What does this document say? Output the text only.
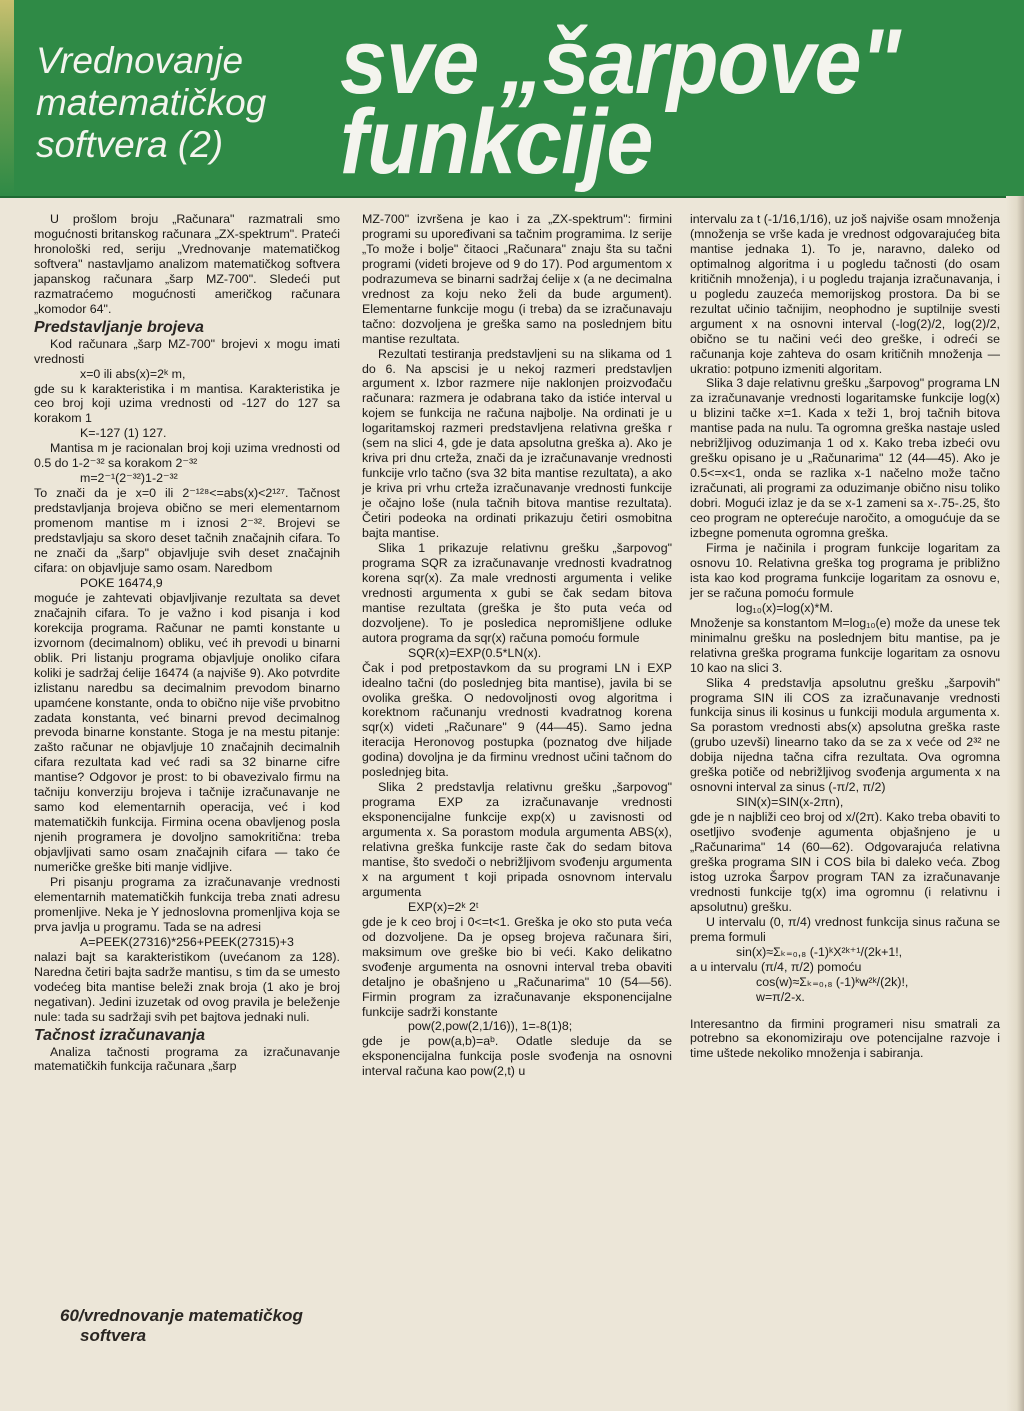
Vrednovanje
matematičkog
softvera (2)
sve „šarpove"
funkcije

U prošlom broju „Računara" razmatrali smo mogućnosti britanskog računara „ZX-spektrum". Prateći hronološki red, seriju „Vrednovanje matematičkog softvera" nastavljamo analizom matematičkog softvera japanskog računara „šarp MZ-700". Sledeći put razmatraćemo mogućnosti američkog računara „komodor 64".

Predstavljanje brojeva

Kod računara „šarp MZ-700" brojevi x mogu imati vrednosti

x=0 ili abs(x)=2ᵏ m,

gde su k karakteristika i m mantisa. Karakteristika je ceo broj koji uzima vrednosti od -127 do 127 sa korakom 1

K=-127 (1) 127.

Mantisa m je racionalan broj koji uzima vrednosti od 0.5 do 1-2⁻³² sa korakom 2⁻³²

m=2⁻¹(2⁻³²)1-2⁻³²

To znači da je x=0 ili 2⁻¹²⁸<=abs(x)<2¹²⁷. Tačnost predstavljanja brojeva obično se meri elementarnom promenom mantise m i iznosi 2⁻³². Brojevi se predstavljaju sa skoro deset tačnih značajnih cifara. To ne znači da „šarp" objavljuje svih deset značajnih cifara: on objavljuje samo osam. Naredbom

POKE 16474,9

moguće je zahtevati objavljivanje rezultata sa devet značajnih cifara. To je važno i kod pisanja i kod korekcija programa. Računar ne pamti konstante u izvornom (decimalnom) obliku, već ih prevodi u binarni oblik. Pri listanju programa objavljuje onoliko cifara koliki je sadržaj ćelije 16474 (a najviše 9). Ako potvrdite izlistanu naredbu sa decimalnim prevodom binarno upamćene konstante, onda to obično nije više prvobitno zadata konstanta, već binarni prevod decimalnog prevoda binarne konstante. Stoga je na mestu pitanje: zašto računar ne objavljuje 10 značajnih decimalnih cifara rezultata kad već radi sa 32 binarne cifre mantise? Odgovor je prost: to bi obavezivalo firmu na tačniju konverziju brojeva i tačnije izračunavanje ne samo kod elementarnih operacija, već i kod matematičkih funkcija. Firmina ocena obavljenog posla njenih programera je dovoljno samokritična: treba objavljivati samo osam značajnih cifara — tako će numeričke greške biti manje vidljive.

Pri pisanju programa za izračunavanje vrednosti elementarnih matematičkih funkcija treba znati adresu promenljive. Neka je Y jednoslovna promenljiva koja se prva javlja u programu. Tada se na adresi

A=PEEK(27316)*256+PEEK(27315)+3

nalazi bajt sa karakteristikom (uvećanom za 128). Naredna četiri bajta sadrže mantisu, s tim da se umesto vodećeg bita mantise beleži znak broja (1 ako je broj negativan). Jedini izuzetak od ovog pravila je beleženje nule: tada su sadržaji svih pet bajtova jednaki nuli.

Tačnost izračunavanja

Analiza tačnosti programa za izračunavanje matematičkih funkcija računara „šarp

MZ-700" izvršena je kao i za „ZX-spektrum": firmini programi su upoređivani sa tačnim programima. Iz serije „To može i bolje" čitaoci „Računara" znaju šta su tačni programi (videti brojeve od 9 do 17). Pod argumentom x podrazumeva se binarni sadržaj ćelije x (a ne decimalna vrednost za koju neko želi da bude argument). Elementarne funkcije mogu (i treba) da se izračunavaju tačno: dozvoljena je greška samo na poslednjem bitu mantise rezultata.

Rezultati testiranja predstavljeni su na slikama od 1 do 6. Na apscisi je u nekoj razmeri predstavljen argument x. Izbor razmere nije naklonjen proizvođaču računara: razmera je odabrana tako da istiće interval u kojem se funkcija ne računa najbolje. Na ordinati je u logaritamskoj razmeri predstavljena relativna greška r (sem na slici 4, gde je data apsolutna greška a). Ako je kriva pri dnu crteža, znači da je izračunavanje vrednosti funkcije vrlo tačno (sva 32 bita mantise rezultata), a ako je kriva pri vrhu crteža izračunavanje vrednosti funkcije je očajno loše (nula tačnih bitova mantise rezultata). Četiri podeoka na ordinati prikazuju četiri osmobitna bajta mantise.

Slika 1 prikazuje relativnu grešku „šarpovog" programa SQR za izračunavanje vrednosti kvadratnog korena sqr(x). Za male vrednosti argumenta i velike vrednosti argumenta x gubi se čak sedam bitova mantise rezultata (greška je što puta veća od dozvoljene). To je posledica nepromišljene odluke autora programa da sqr(x) računa pomoću formule

SQR(x)=EXP(0.5*LN(x).

Čak i pod pretpostavkom da su programi LN i EXP idealno tačni (do poslednjeg bita mantise), javila bi se ovolika greška. O nedovoljnosti ovog algoritma i korektnom računanju vrednosti kvadratnog korena sqr(x) videti „Računare" 9 (44—45). Samo jedna iteracija Heronovog postupka (poznatog dve hiljade godina) dovoljna je da firminu vrednost učini tačnom do poslednjeg bita.

Slika 2 predstavlja relativnu grešku „šarpovog" programa EXP za izračunavanje vrednosti eksponencijalne funkcije exp(x) u zavisnosti od argumenta x. Sa porastom modula argumenta ABS(x), relativna greška funkcije raste čak do sedam bitova mantise, što svedoči o nebrižljivom svođenju argumenta x na argument t koji pripada osnovnom intervalu argumenta

EXP(x)=2ᵏ 2ᵗ

gde je k ceo broj i 0<=t<1. Greška je oko sto puta veća od dozvoljene. Da je opseg brojeva računara širi, maksimum ove greške bio bi veći. Kako delikatno svođenje argumenta na osnovni interval treba obaviti detaljno je obašnjeno u „Računarima" 10 (54—56). Firmin program za izračunavanje eksponencijalne funkcije sadrži konstante

pow(2,pow(2,1/16)), 1=-8(1)8;

gde je pow(a,b)=aᵇ. Odatle sleduje da se eksponencijalna funkcija posle svođenja na osnovni interval računa kao pow(2,t) u

intervalu za t (-1/16,1/16), uz još najviše osam množenja (množenja se vrše kada je vrednost odgovarajućeg bita mantise jednaka 1). To je, naravno, daleko od optimalnog algoritma i u pogledu tačnosti (do osam kritičnih množenja), i u pogledu trajanja izračunavanja, i u pogledu zauzeća memorijskog prostora. Da bi se rezultat učinio tačnijim, neophodno je suptilnije svesti argument x na osnovni interval (-log(2)/2, log(2)/2, obično se tu načini veći deo greške, i odreći se računanja koje zahteva do osam kritičnih množenja — ukratio: potpuno izmeniti algoritam.

Slika 3 daje relativnu grešku „šarpovog" programa LN za izračunavanje vrednosti logaritamske funkcije log(x) u blizini tačke x=1. Kada x teži 1, broj tačnih bitova mantise pada na nulu. Ta ogromna greška nastaje usled nebrižljivog oduzimanja 1 od x. Kako treba izbeći ovu grešku opisano je u „Računarima" 12 (44—45). Ako je 0.5<=x<1, onda se razlika x-1 načelno može tačno izračunati, ali programi za oduzimanje obično nisu toliko dobri. Mogući izlaz je da se x-1 zameni sa x-.75-.25, što ceo program ne opterećuje naročito, a omogućuje da se izbegne pomenuta ogromna greška.

Firma je načinila i program funkcije logaritam za osnovu 10. Relativna greška tog programa je približno ista kao kod programa funkcije logaritam za osnovu e, jer se računa pomoću formule

log₁₀(x)=log(x)*M.

Množenje sa konstantom M=log₁₀(e) može da unese tek minimalnu grešku na poslednjem bitu mantise, pa je relativna greška programa funkcije logaritam za osnovu 10 kao na slici 3.

Slika 4 predstavlja apsolutnu grešku „šarpovih" programa SIN ili COS za izračunavanje vrednosti funkcija sinus ili kosinus u funkciji modula argumenta x. Sa porastom vrednosti abs(x) apsolutna greška raste (grubo uzevši) linearno tako da se za x veće od 2³² ne dobija nijedna tačna cifra rezultata. Ova ogromna greška potiče od nebrižljivog svođenja argumenta x na osnovni interval za sinus (-π/2, π/2)

SIN(x)=SIN(x-2πn),

gde je n najbliži ceo broj od x/(2π). Kako treba obaviti to osetljivo svođenje agumenta objašnjeno je u „Računarima" 14 (60—62). Odgovarajuća relativna greška programa SIN i COS bila bi daleko veća. Zbog istog uzroka Šarpov program TAN za izračunavanje vrednosti funkcije tg(x) ima ogromnu (i relativnu i apsolutnu) grešku.

U intervalu (0, π/4) vrednost funkcija sinus računa se prema formuli

sin(x)≈Σₖ₌₀,₈ (-1)ᵏX²ᵏ⁺¹/(2k+1!,

a u intervalu (π/4, π/2) pomoću

cos(w)≈Σₖ₌₀,₈ (-1)ᵏw²ᵏ/(2k)!,

w=π/2-x.

Interesantno da firmini programeri nisu smatrali za potrebno sa ekonomiziraju ove potencijalne razvoje i time uštede nekoliko množenja i sabiranja.

60/vrednovanje matematičkog
softvera
